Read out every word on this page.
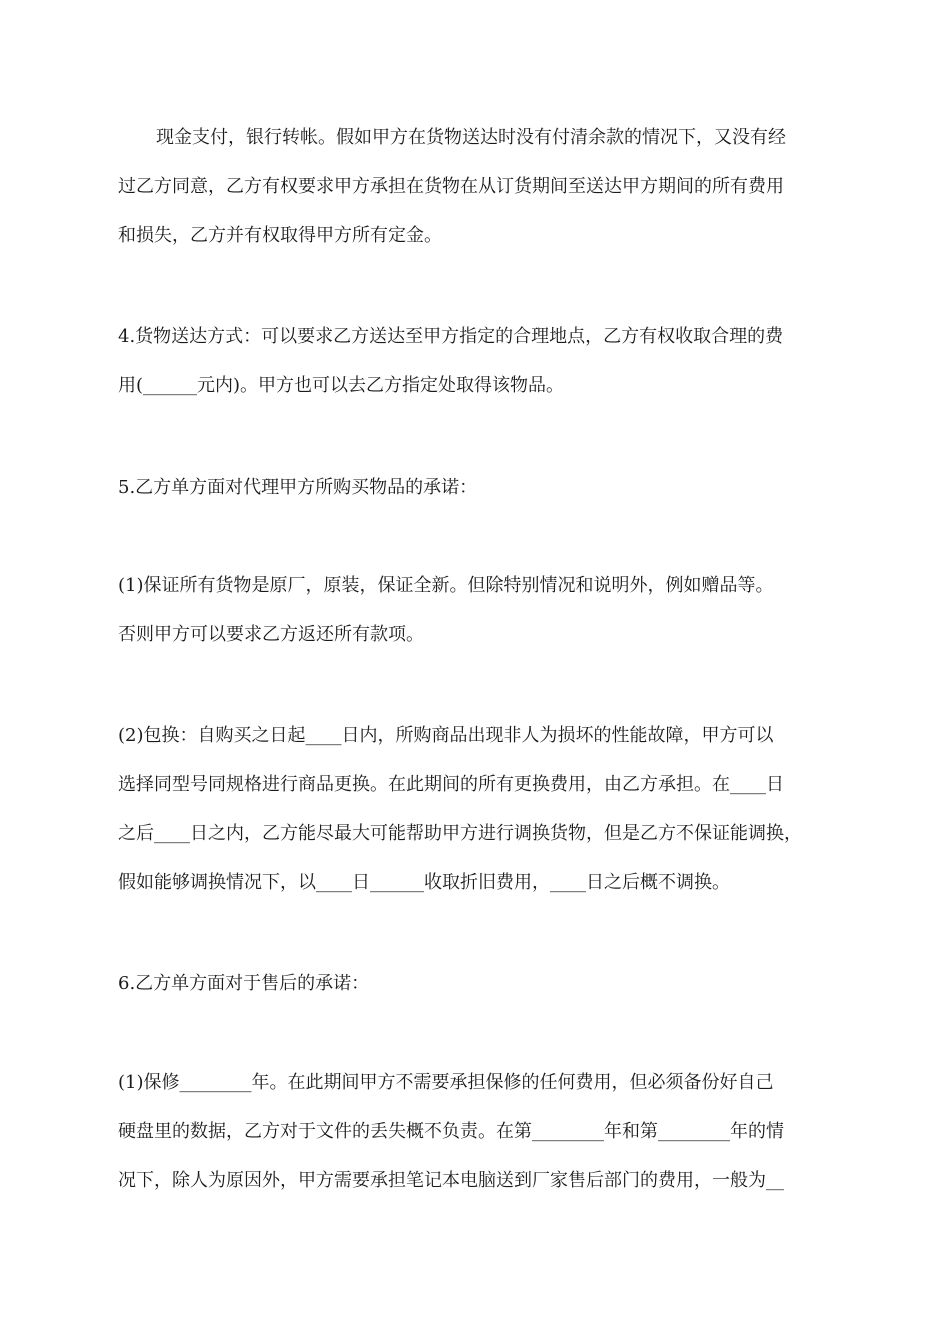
现金支付，银行转帐。假如甲方在货物送达时没有付清余款的情况下，又没有经
过乙方同意，乙方有权要求甲方承担在货物在从订货期间至送达甲方期间的所有费用
和损失，乙方并有权取得甲方所有定金。
4.货物送达方式：可以要求乙方送达至甲方指定的合理地点，乙方有权收取合理的费
用(______元内)。甲方也可以去乙方指定处取得该物品。
5.乙方单方面对代理甲方所购买物品的承诺：
(1)保证所有货物是原厂，原装，保证全新。但除特别情况和说明外，例如赠品等。
否则甲方可以要求乙方返还所有款项。
(2)包换：自购买之日起____日内，所购商品出现非人为损坏的性能故障，甲方可以
选择同型号同规格进行商品更换。在此期间的所有更换费用，由乙方承担。在____日
之后____日之内，乙方能尽最大可能帮助甲方进行调换货物，但是乙方不保证能调换，
假如能够调换情况下，以____日______收取折旧费用，____日之后概不调换。
6.乙方单方面对于售后的承诺：
(1)保修________年。在此期间甲方不需要承担保修的任何费用，但必须备份好自己
硬盘里的数据，乙方对于文件的丢失概不负责。在第________年和第________年的情
况下，除人为原因外，甲方需要承担笔记本电脑送到厂家售后部门的费用，一般为__
